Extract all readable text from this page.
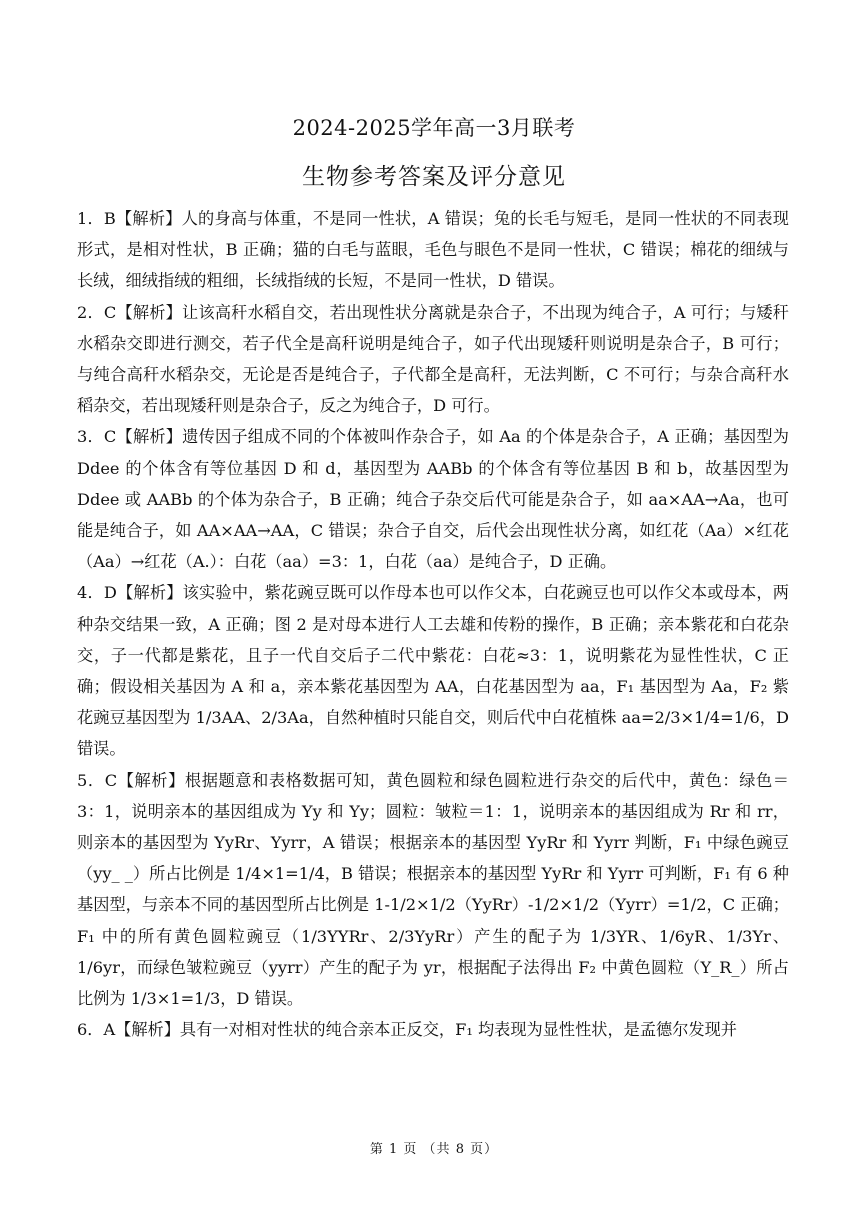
2024-2025学年高一3月联考
生物参考答案及评分意见

1．B【解析】人的身高与体重，不是同一性状，A 错误；兔的长毛与短毛，是同一性状的不同表现形式，是相对性状，B 正确；猫的白毛与蓝眼，毛色与眼色不是同一性状，C 错误；棉花的细绒与长绒，细绒指绒的粗细，长绒指绒的长短，不是同一性状，D 错误。

2．C【解析】让该高秆水稻自交，若出现性状分离就是杂合子，不出现为纯合子，A 可行；与矮秆水稻杂交即进行测交，若子代全是高秆说明是纯合子，如子代出现矮秆则说明是杂合子，B 可行；与纯合高秆水稻杂交，无论是否是纯合子，子代都全是高秆，无法判断，C 不可行；与杂合高秆水稻杂交，若出现矮秆则是杂合子，反之为纯合子，D 可行。

3．C【解析】遗传因子组成不同的个体被叫作杂合子，如 Aa 的个体是杂合子，A 正确；基因型为 Ddee 的个体含有等位基因 D 和 d，基因型为 AABb 的个体含有等位基因 B 和 b，故基因型为 Ddee 或 AABb 的个体为杂合子，B 正确；纯合子杂交后代可能是杂合子，如 aa×AA→Aa，也可能是纯合子，如 AA×AA→AA，C 错误；杂合子自交，后代会出现性状分离，如红花（Aa）×红花（Aa）→红花（A.）：白花（aa）=3：1，白花（aa）是纯合子，D 正确。

4．D【解析】该实验中，紫花豌豆既可以作母本也可以作父本，白花豌豆也可以作父本或母本，两种杂交结果一致，A 正确；图 2 是对母本进行人工去雄和传粉的操作，B 正确；亲本紫花和白花杂交，子一代都是紫花，且子一代自交后子二代中紫花：白花≈3：1，说明紫花为显性性状，C 正确；假设相关基因为 A 和 a，亲本紫花基因型为 AA，白花基因型为 aa，F₁ 基因型为 Aa，F₂ 紫花豌豆基因型为 1/3AA、2/3Aa，自然种植时只能自交，则后代中白花植株 aa=2/3×1/4=1/6，D 错误。

5．C【解析】根据题意和表格数据可知，黄色圆粒和绿色圆粒进行杂交的后代中，黄色：绿色＝3：1，说明亲本的基因组成为 Yy 和 Yy；圆粒：皱粒＝1：1，说明亲本的基因组成为 Rr 和 rr，则亲本的基因型为 YyRr、Yyrr，A 错误；根据亲本的基因型 YyRr 和 Yyrr 判断，F₁ 中绿色豌豆（yy_ _）所占比例是 1/4×1=1/4，B 错误；根据亲本的基因型 YyRr 和 Yyrr 可判断，F₁ 有 6 种基因型，与亲本不同的基因型所占比例是 1-1/2×1/2（YyRr）-1/2×1/2（Yyrr）=1/2，C 正确；F₁ 中的所有黄色圆粒豌豆（1/3YYRr、2/3YyRr）产生的配子为 1/3YR、1/6yR、1/3Yr、1/6yr，而绿色皱粒豌豆（yyrr）产生的配子为 yr，根据配子法得出 F₂ 中黄色圆粒（Y_R_）所占比例为 1/3×1=1/3，D 错误。

6．A【解析】具有一对相对性状的纯合亲本正反交，F₁ 均表现为显性性状，是孟德尔发现并

第 1 页 （共 8 页）
